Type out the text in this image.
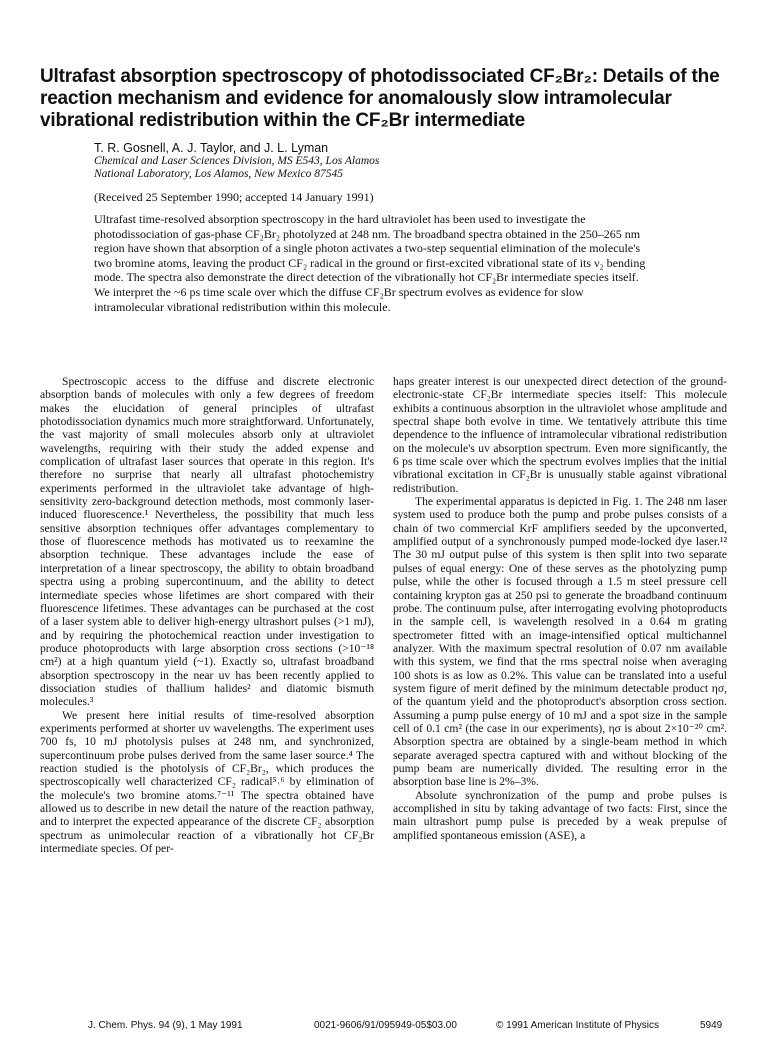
Ultrafast absorption spectroscopy of photodissociated CF₂Br₂: Details of the reaction mechanism and evidence for anomalously slow intramolecular vibrational redistribution within the CF₂Br intermediate

T. R. Gosnell, A. J. Taylor, and J. L. Lyman

Chemical and Laser Sciences Division, MS E543, Los Alamos National Laboratory, Los Alamos, New Mexico 87545

(Received 25 September 1990; accepted 14 January 1991)

Ultrafast time-resolved absorption spectroscopy in the hard ultraviolet has been used to investigate the photodissociation of gas-phase CF₂Br₂ photolyzed at 248 nm. The broadband spectra obtained in the 250–265 nm region have shown that absorption of a single photon activates a two-step sequential elimination of the molecule's two bromine atoms, leaving the product CF₂ radical in the ground or first-excited vibrational state of its ν₂ bending mode. The spectra also demonstrate the direct detection of the vibrationally hot CF₂Br intermediate species itself. We interpret the ~6 ps time scale over which the diffuse CF₂Br spectrum evolves as evidence for slow intramolecular vibrational redistribution within this molecule.

Spectroscopic access to the diffuse and discrete electronic absorption bands of molecules with only a few degrees of freedom makes the elucidation of general principles of ultrafast photodissociation dynamics much more straightforward. Unfortunately, the vast majority of small molecules absorb only at ultraviolet wavelengths, requiring with their study the added expense and complication of ultrafast laser sources that operate in this region. It's therefore no surprise that nearly all ultrafast photochemistry experiments performed in the ultraviolet take advantage of high-sensitivity zero-background detection methods, most commonly laser-induced fluorescence.¹ Nevertheless, the possibility that much less sensitive absorption techniques offer advantages complementary to those of fluorescence methods has motivated us to reexamine the absorption technique. These advantages include the ease of interpretation of a linear spectroscopy, the ability to obtain broadband spectra using a probing supercontinuum, and the ability to detect intermediate species whose lifetimes are short compared with their fluorescence lifetimes. These advantages can be purchased at the cost of a laser system able to deliver high-energy ultrashort pulses (>1 mJ), and by requiring the photochemical reaction under investigation to produce photoproducts with large absorption cross sections (>10⁻¹⁸ cm²) at a high quantum yield (~1). Exactly so, ultrafast broadband absorption spectroscopy in the near uv has been recently applied to dissociation studies of thallium halides² and diatomic bismuth molecules.³

We present here initial results of time-resolved absorption experiments performed at shorter uv wavelengths. The experiment uses 700 fs, 10 mJ photolysis pulses at 248 nm, and synchronized, supercontinuum probe pulses derived from the same laser source.⁴ The reaction studied is the photolysis of CF₂Br₂, which produces the spectroscopically well characterized CF₂ radical⁵˒⁶ by elimination of the molecule's two bromine atoms.⁷⁻¹¹ The spectra obtained have allowed us to describe in new detail the nature of the reaction pathway, and to interpret the expected appearance of the discrete CF₂ absorption spectrum as unimolecular reaction of a vibrationally hot CF₂Br intermediate species. Of per-

haps greater interest is our unexpected direct detection of the ground-electronic-state CF₂Br intermediate species itself: This molecule exhibits a continuous absorption in the ultraviolet whose amplitude and spectral shape both evolve in time. We tentatively attribute this time dependence to the influence of intramolecular vibrational redistribution on the molecule's uv absorption spectrum. Even more significantly, the 6 ps time scale over which the spectrum evolves implies that the initial vibrational excitation in CF₂Br is unusually stable against vibrational redistribution.

The experimental apparatus is depicted in Fig. 1. The 248 nm laser system used to produce both the pump and probe pulses consists of a chain of two commercial KrF amplifiers seeded by the upconverted, amplified output of a synchronously pumped mode-locked dye laser.¹² The 30 mJ output pulse of this system is then split into two separate pulses of equal energy: One of these serves as the photolyzing pump pulse, while the other is focused through a 1.5 m steel pressure cell containing krypton gas at 250 psi to generate the broadband continuum probe. The continuum pulse, after interrogating evolving photoproducts in the sample cell, is wavelength resolved in a 0.64 m grating spectrometer fitted with an image-intensified optical multichannel analyzer. With the maximum spectral resolution of 0.07 nm available with this system, we find that the rms spectral noise when averaging 100 shots is as low as 0.2%. This value can be translated into a useful system figure of merit defined by the minimum detectable product ησ, of the quantum yield and the photoproduct's absorption cross section. Assuming a pump pulse energy of 10 mJ and a spot size in the sample cell of 0.1 cm² (the case in our experiments), ησ is about 2×10⁻²⁰ cm². Absorption spectra are obtained by a single-beam method in which separate averaged spectra captured with and without blocking of the pump beam are numerically divided. The resulting error in the absorption base line is 2%–3%.

Absolute synchronization of the pump and probe pulses is accomplished in situ by taking advantage of two facts: First, since the main ultrashort pump pulse is preceded by a weak prepulse of amplified spontaneous emission (ASE), a

J. Chem. Phys. 94 (9), 1 May 1991	0021-9606/91/095949-05$03.00	© 1991 American Institute of Physics	5949
